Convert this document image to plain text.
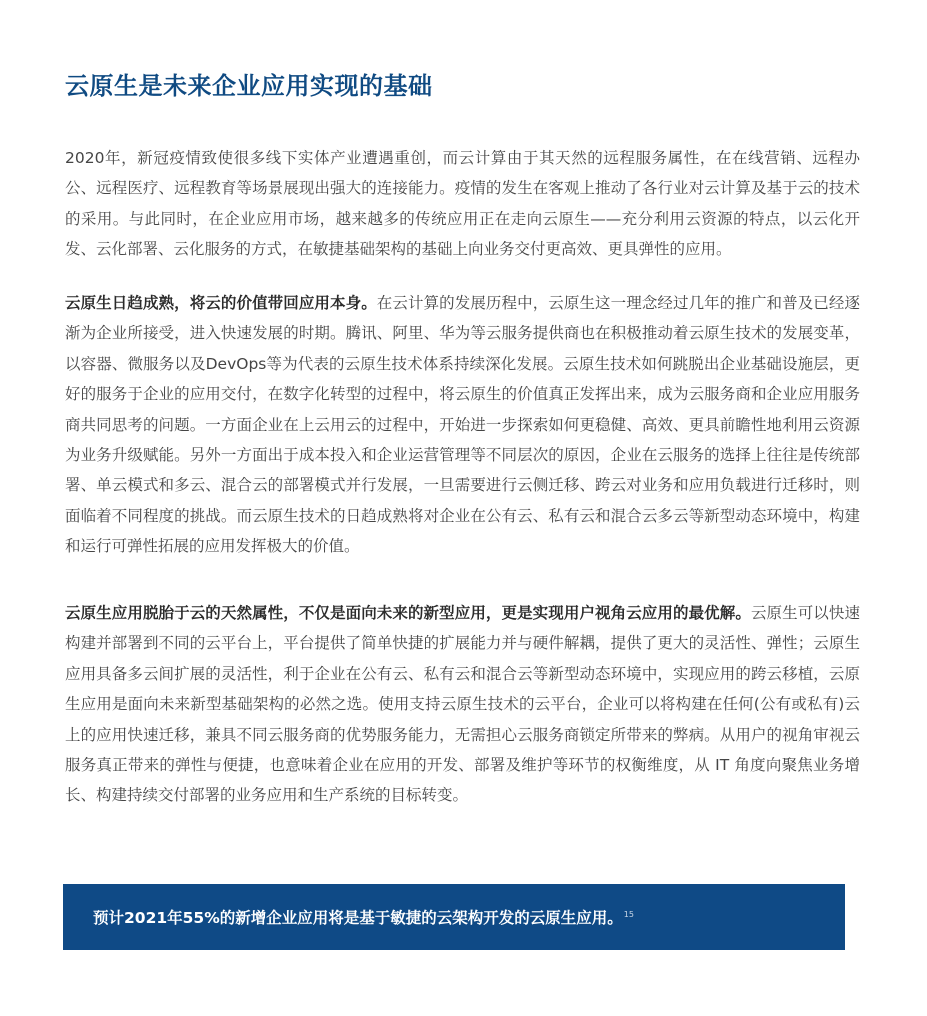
云原生是未来企业应用实现的基础

2020年，新冠疫情致使很多线下实体产业遭遇重创，而云计算由于其天然的远程服务属性，在在线营销、远程办公、远程医疗、远程教育等场景展现出强大的连接能力。疫情的发生在客观上推动了各行业对云计算及基于云的技术的采用。与此同时，在企业应用市场，越来越多的传统应用正在走向云原生——充分利用云资源的特点，以云化开发、云化部署、云化服务的方式，在敏捷基础架构的基础上向业务交付更高效、更具弹性的应用。

云原生日趋成熟，将云的价值带回应用本身。在云计算的发展历程中，云原生这一理念经过几年的推广和普及已经逐渐为企业所接受，进入快速发展的时期。腾讯、阿里、华为等云服务提供商也在积极推动着云原生技术的发展变革，以容器、微服务以及DevOps等为代表的云原生技术体系持续深化发展。云原生技术如何跳脱出企业基础设施层，更好的服务于企业的应用交付，在数字化转型的过程中，将云原生的价值真正发挥出来，成为云服务商和企业应用服务商共同思考的问题。一方面企业在上云用云的过程中，开始进一步探索如何更稳健、高效、更具前瞻性地利用云资源为业务升级赋能。另外一方面出于成本投入和企业运营管理等不同层次的原因，企业在云服务的选择上往往是传统部署、单云模式和多云、混合云的部署模式并行发展，一旦需要进行云侧迁移、跨云对业务和应用负载进行迁移时，则面临着不同程度的挑战。而云原生技术的日趋成熟将对企业在公有云、私有云和混合云多云等新型动态环境中，构建和运行可弹性拓展的应用发挥极大的价值。

云原生应用脱胎于云的天然属性，不仅是面向未来的新型应用，更是实现用户视角云应用的最优解。云原生可以快速构建并部署到不同的云平台上，平台提供了简单快捷的扩展能力并与硬件解耦，提供了更大的灵活性、弹性；云原生应用具备多云间扩展的灵活性，利于企业在公有云、私有云和混合云等新型动态环境中，实现应用的跨云移植，云原生应用是面向未来新型基础架构的必然之选。使用支持云原生技术的云平台，企业可以将构建在任何(公有或私有)云上的应用快速迁移，兼具不同云服务商的优势服务能力，无需担心云服务商锁定所带来的弊病。从用户的视角审视云服务真正带来的弹性与便捷，也意味着企业在应用的开发、部署及维护等环节的权衡维度，从 IT 角度向聚焦业务增长、构建持续交付部署的业务应用和生产系统的目标转变。

预计2021年55%的新增企业应用将是基于敏捷的云架构开发的云原生应用。$^{15}$
